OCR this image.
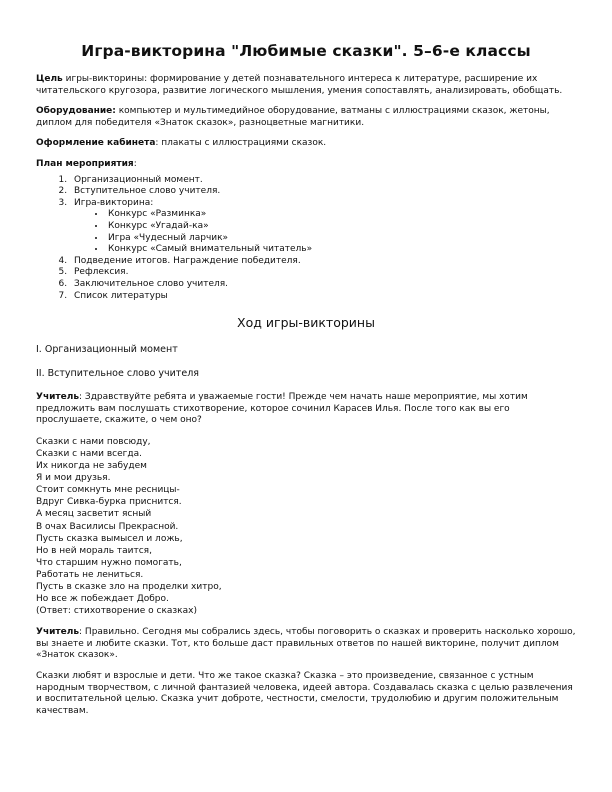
Игра-викторина "Любимые сказки". 5–6-е классы

Цель игры-викторины: формирование у детей познавательного интереса к литературе, расширение их читательского кругозора, развитие логического мышления, умения сопоставлять, анализировать, обобщать.

Оборудование: компьютер и мультимедийное оборудование, ватманы с иллюстрациями сказок, жетоны, диплом для победителя «Знаток сказок», разноцветные магнитики.

Оформление кабинета: плакаты с иллюстрациями сказок.

План мероприятия:

1. Организационный момент.
2. Вступительное слово учителя.
3. Игра-викторина:
• Конкурс «Разминка»
• Конкурс «Угадай-ка»
• Игра «Чудесный ларчик»
• Конкурс «Самый внимательный читатель»
4. Подведение итогов. Награждение победителя.
5. Рефлексия.
6. Заключительное слово учителя.
7. Список литературы
Ход игры-викторины
I. Организационный момент
II. Вступительное слово учителя

Учитель: Здравствуйте ребята и уважаемые гости! Прежде чем начать наше мероприятие, мы хотим предложить вам послушать стихотворение, которое сочинил Карасев Илья. После того как вы его прослушаете, скажите, о чем оно?

Сказки с нами повсюду,
Сказки с нами всегда.
Их никогда не забудем
Я и мои друзья.
Стоит сомкнуть мне ресницы-
Вдруг Сивка-бурка приснится.
А месяц засветит ясный
В очах Василисы Прекрасной.
Пусть сказка вымысел и ложь,
Но в ней мораль таится,
Что старшим нужно помогать,
Работать не лениться.
Пусть в сказке зло на проделки хитро,
Но все ж побеждает Добро.
(Ответ: стихотворение о сказках)

Учитель: Правильно. Сегодня мы собрались здесь, чтобы поговорить о сказках и проверить насколько хорошо, вы знаете и любите сказки. Тот, кто больше даст правильных ответов по нашей викторине, получит диплом «Знаток сказок».

Сказки любят и взрослые и дети. Что же такое сказка? Сказка – это произведение, связанное с устным народным творчеством, с личной фантазией человека, идеей автора. Создавалась сказка с целью развлечения и воспитательной целью. Сказка учит доброте, честности, смелости, трудолюбию и другим положительным качествам.
